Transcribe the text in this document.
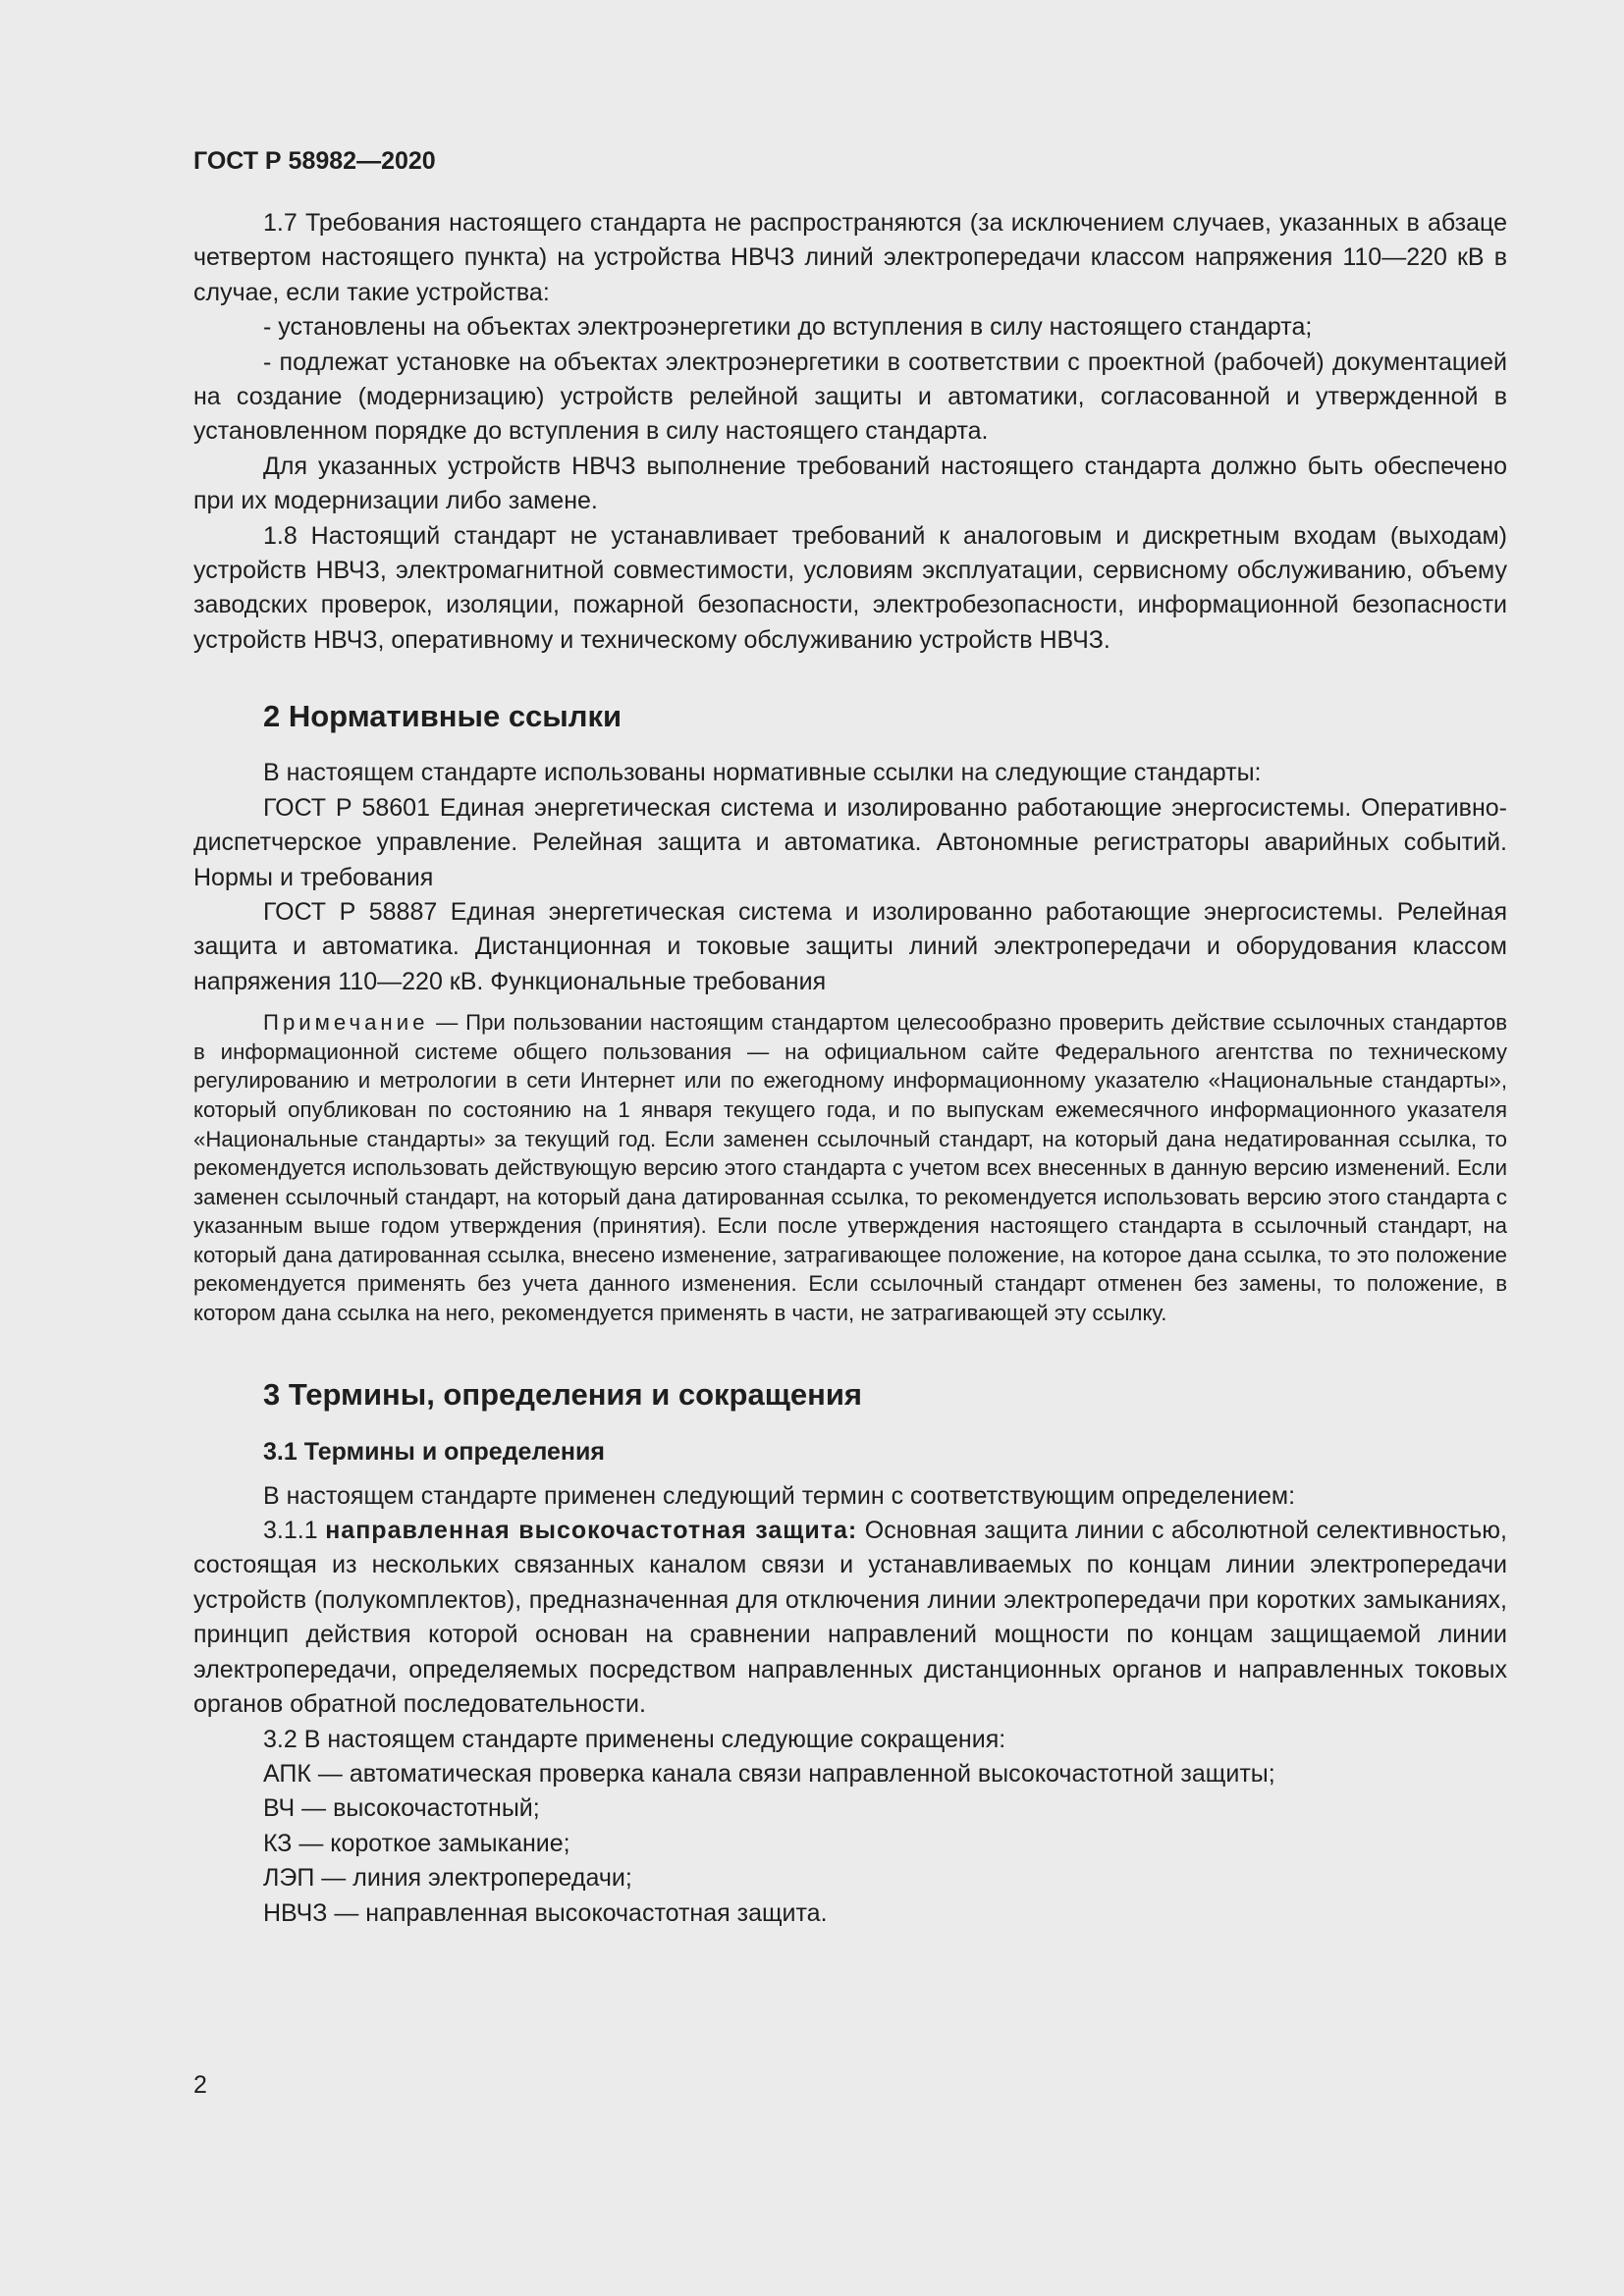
ГОСТ Р 58982—2020

1.7 Требования настоящего стандарта не распространяются (за исключением случаев, указанных в абзаце четвертом настоящего пункта) на устройства НВЧЗ линий электропередачи классом напряжения 110—220 кВ в случае, если такие устройства:

- установлены на объектах электроэнергетики до вступления в силу настоящего стандарта;

- подлежат установке на объектах электроэнергетики в соответствии с проектной (рабочей) документацией на создание (модернизацию) устройств релейной защиты и автоматики, согласованной и утвержденной в установленном порядке до вступления в силу настоящего стандарта.

Для указанных устройств НВЧЗ выполнение требований настоящего стандарта должно быть обеспечено при их модернизации либо замене.

1.8 Настоящий стандарт не устанавливает требований к аналоговым и дискретным входам (выходам) устройств НВЧЗ, электромагнитной совместимости, условиям эксплуатации, сервисному обслуживанию, объему заводских проверок, изоляции, пожарной безопасности, электробезопасности, информационной безопасности устройств НВЧЗ, оперативному и техническому обслуживанию устройств НВЧЗ.

2 Нормативные ссылки

В настоящем стандарте использованы нормативные ссылки на следующие стандарты:

ГОСТ Р 58601 Единая энергетическая система и изолированно работающие энергосистемы. Оперативно-диспетчерское управление. Релейная защита и автоматика. Автономные регистраторы аварийных событий. Нормы и требования

ГОСТ Р 58887 Единая энергетическая система и изолированно работающие энергосистемы. Релейная защита и автоматика. Дистанционная и токовые защиты линий электропередачи и оборудования классом напряжения 110—220 кВ. Функциональные требования

Примечание — При пользовании настоящим стандартом целесообразно проверить действие ссылочных стандартов в информационной системе общего пользования — на официальном сайте Федерального агентства по техническому регулированию и метрологии в сети Интернет или по ежегодному информационному указателю «Национальные стандарты», который опубликован по состоянию на 1 января текущего года, и по выпускам ежемесячного информационного указателя «Национальные стандарты» за текущий год. Если заменен ссылочный стандарт, на который дана недатированная ссылка, то рекомендуется использовать действующую версию этого стандарта с учетом всех внесенных в данную версию изменений. Если заменен ссылочный стандарт, на который дана датированная ссылка, то рекомендуется использовать версию этого стандарта с указанным выше годом утверждения (принятия). Если после утверждения настоящего стандарта в ссылочный стандарт, на который дана датированная ссылка, внесено изменение, затрагивающее положение, на которое дана ссылка, то это положение рекомендуется применять без учета данного изменения. Если ссылочный стандарт отменен без замены, то положение, в котором дана ссылка на него, рекомендуется применять в части, не затрагивающей эту ссылку.

3 Термины, определения и сокращения
3.1 Термины и определения

В настоящем стандарте применен следующий термин с соответствующим определением:

3.1.1 направленная высокочастотная защита: Основная защита линии с абсолютной селективностью, состоящая из нескольких связанных каналом связи и устанавливаемых по концам линии электропередачи устройств (полукомплектов), предназначенная для отключения линии электропередачи при коротких замыканиях, принцип действия которой основан на сравнении направлений мощности по концам защищаемой линии электропередачи, определяемых посредством направленных дистанционных органов и направленных токовых органов обратной последовательности.

3.2 В настоящем стандарте применены следующие сокращения:

АПК — автоматическая проверка канала связи направленной высокочастотной защиты;

ВЧ — высокочастотный;

КЗ — короткое замыкание;

ЛЭП — линия электропередачи;

НВЧЗ — направленная высокочастотная защита.

2
